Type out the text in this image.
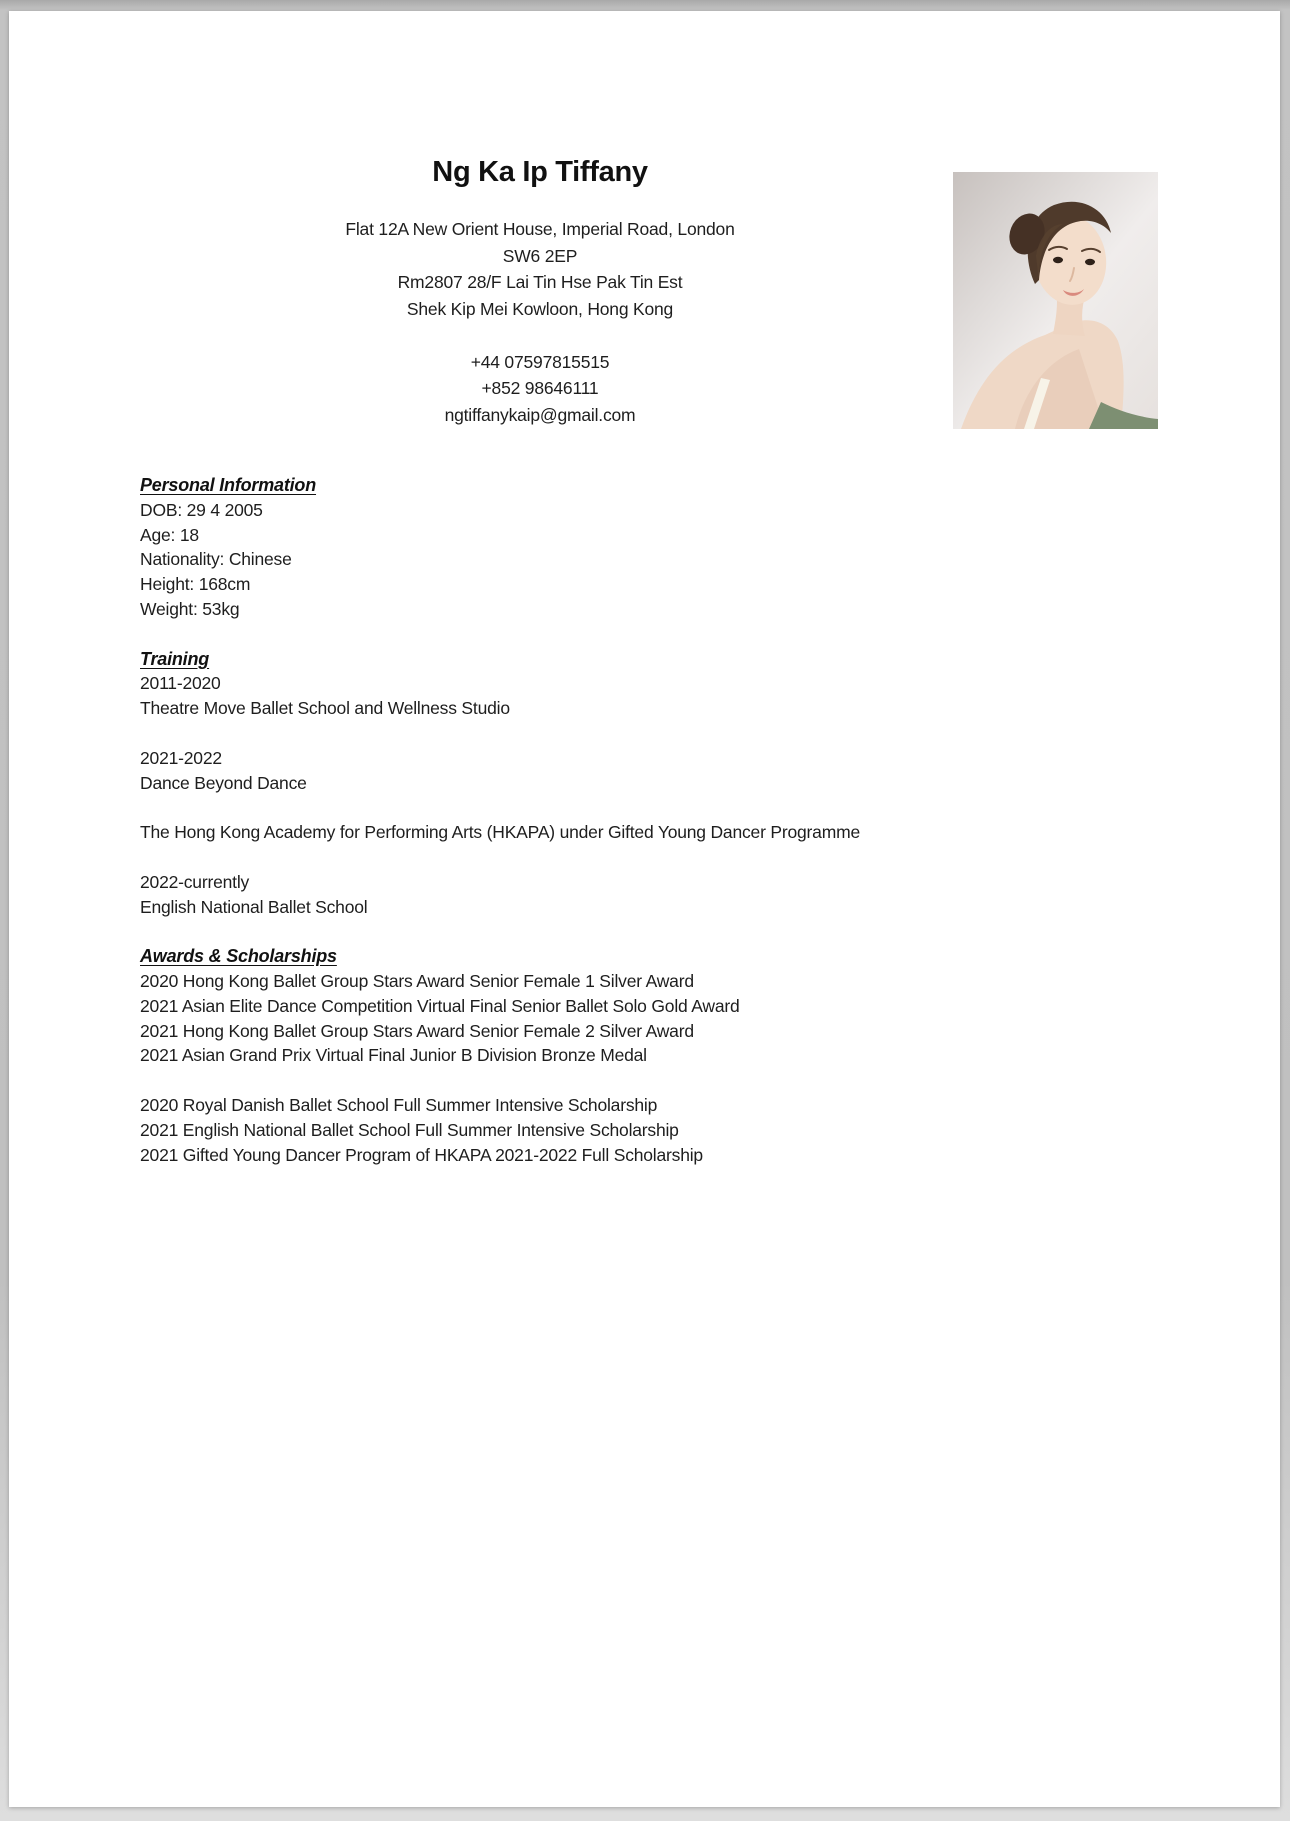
Ng Ka Ip Tiffany
Flat 12A New Orient House, Imperial Road, London
SW6 2EP
Rm2807 28/F Lai Tin Hse Pak Tin Est
Shek Kip Mei Kowloon, Hong Kong
+44 07597815515
+852 98646111
ngtiffanykaip@gmail.com
Personal Information
DOB: 29 4 2005
Age: 18
Nationality: Chinese
Height: 168cm
Weight: 53kg
Training
2011-2020
Theatre Move Ballet School and Wellness Studio
2021-2022
Dance Beyond Dance
The Hong Kong Academy for Performing Arts (HKAPA) under Gifted Young Dancer Programme
2022-currently
English National Ballet School
Awards & Scholarships
2020 Hong Kong Ballet Group Stars Award Senior Female 1 Silver Award
2021 Asian Elite Dance Competition Virtual Final Senior Ballet Solo Gold Award
2021 Hong Kong Ballet Group Stars Award Senior Female 2 Silver Award
2021 Asian Grand Prix Virtual Final Junior B Division Bronze Medal
2020 Royal Danish Ballet School Full Summer Intensive Scholarship
2021 English National Ballet School Full Summer Intensive Scholarship
2021 Gifted Young Dancer Program of HKAPA 2021-2022 Full Scholarship
